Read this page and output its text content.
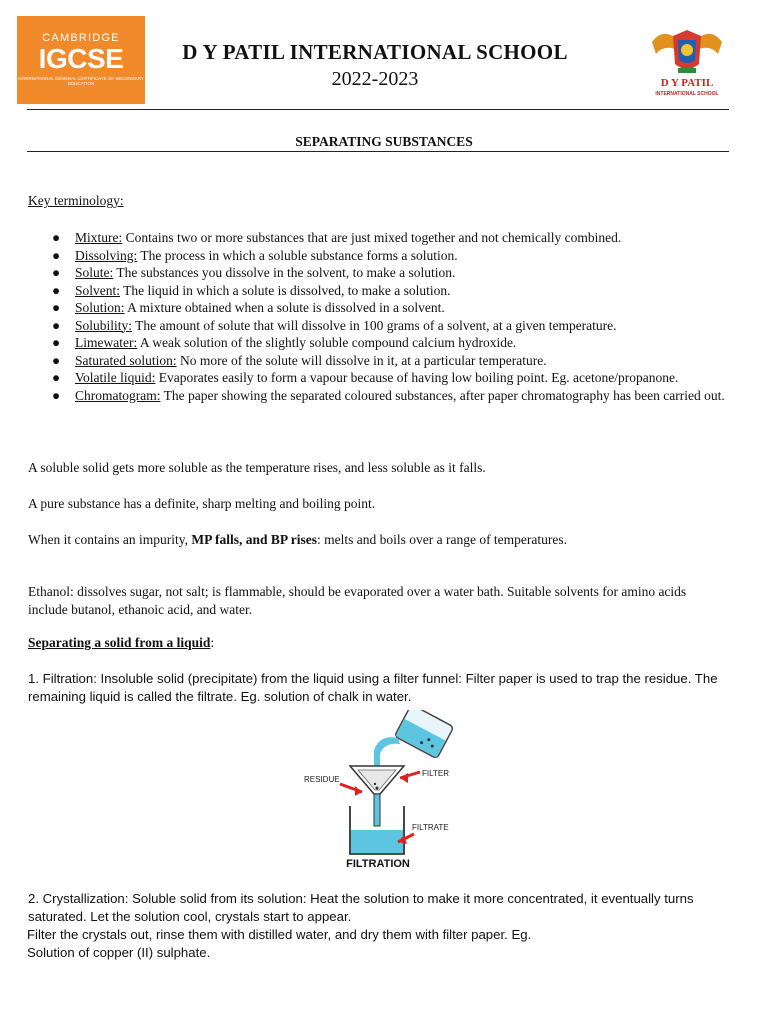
CAMBRIDGE
IGCSE
INTERNATIONAL GENERAL CERTIFICATE OF SECONDARY EDUCATION
D Y PATIL INTERNATIONAL SCHOOL
2022-2023	D Y PATIL
INTERNATIONAL SCHOOL
SEPARATING SUBSTANCES
Key terminology:
● Mixture: Contains two or more substances that are just mixed together and not chemically combined.
● Dissolving: The process in which a soluble substance forms a solution.
● Solute: The substances you dissolve in the solvent, to make a solution.
● Solvent: The liquid in which a solute is dissolved, to make a solution.
● Solution: A mixture obtained when a solute is dissolved in a solvent.
● Solubility: The amount of solute that will dissolve in 100 grams of a solvent, at a given temperature.
● Limewater: A weak solution of the slightly soluble compound calcium hydroxide.
● Saturated solution: No more of the solute will dissolve in it, at a particular temperature.
● Volatile liquid: Evaporates easily to form a vapour because of having low boiling point. Eg. acetone/propanone.
● Chromatogram: The paper showing the separated coloured substances, after paper chromatography has been carried out.
A soluble solid gets more soluble as the temperature rises, and less soluble as it falls.
A pure substance has a definite, sharp melting and boiling point.
When it contains an impurity, MP falls, and BP rises: melts and boils over a range of temperatures.
Ethanol: dissolves sugar, not salt; is flammable, should be evaporated over a water bath. Suitable solvents for amino acids include butanol, ethanoic acid, and water.
Separating a solid from a liquid:
1. Filtration: Insoluble solid (precipitate) from the liquid using a filter funnel: Filter paper is used to trap the residue. The remaining liquid is called the filtrate. Eg. solution of chalk in water.
RESIDUE
FILTER
FILTRATE
FILTRATION
2. Crystallization: Soluble solid from its solution: Heat the solution to make it more concentrated, it eventually turns saturated. Let the solution cool, crystals start to appear.
Filter the crystals out, rinse them with distilled water, and dry them with filter paper. Eg.
Solution of copper (II) sulphate.
